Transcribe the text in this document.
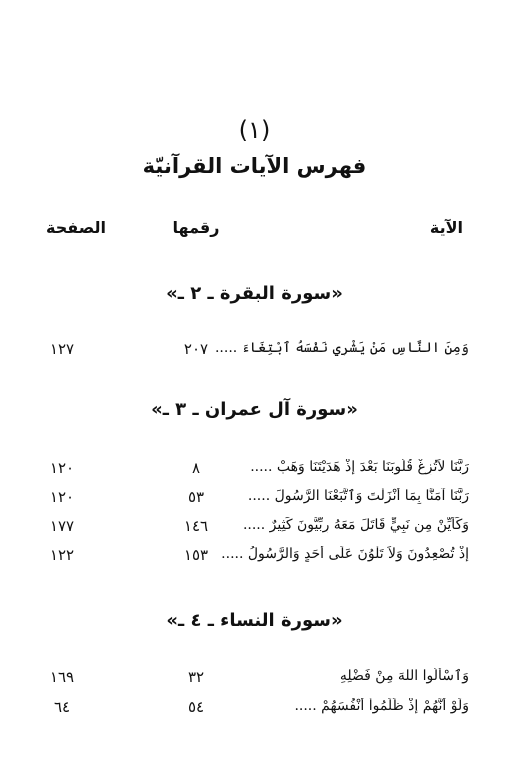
(١)
فهرس الآيات القرآنيّة
الآية
رقمها
الصفحة
«سورة البقرة ـ ٢ ـ»
وَمِنَ النَّاسِ مَنْ يَشْرِي نَفْسَهُ ٱبْتِغَاءَ .....
٢٠٧
١٢٧
«سورة آل عمران ـ ٣ ـ»
رَبَّنَا لاَتُزِغْ قُلُوبَنَا بَعْدَ إِذْ هَدَيْتَنَا وَهَبْ .....
٨
١٢٠
رَبَّنَا آمَنَّا بِمَا أَنْزَلْتَ وَٱتَّبَعْنَا الرَّسُولَ .....
٥٣
١٢٠
وَكَأَيِّنْ مِن نَبِيٍّ قَاتَلَ مَعَهُ رِبِّيُّونَ كَثِيرٌ .....
١٤٦
١٧٧
إِذْ تُصْعِدُونَ وَلاَ تَلْوُنَ عَلَى أَحَدٍ وَالرَّسُولُ .....
١٥٣
١٢٢
«سورة النساء ـ ٤ ـ»
وَٱسْأَلُوا اللهَ مِنْ فَضْلِهِ
٣٢
١٦٩
وَلَوْ أَنَّهُمْ إِذْ ظَلَمُواْ أَنْفُسَهُمْ .....
٥٤
٦٤
